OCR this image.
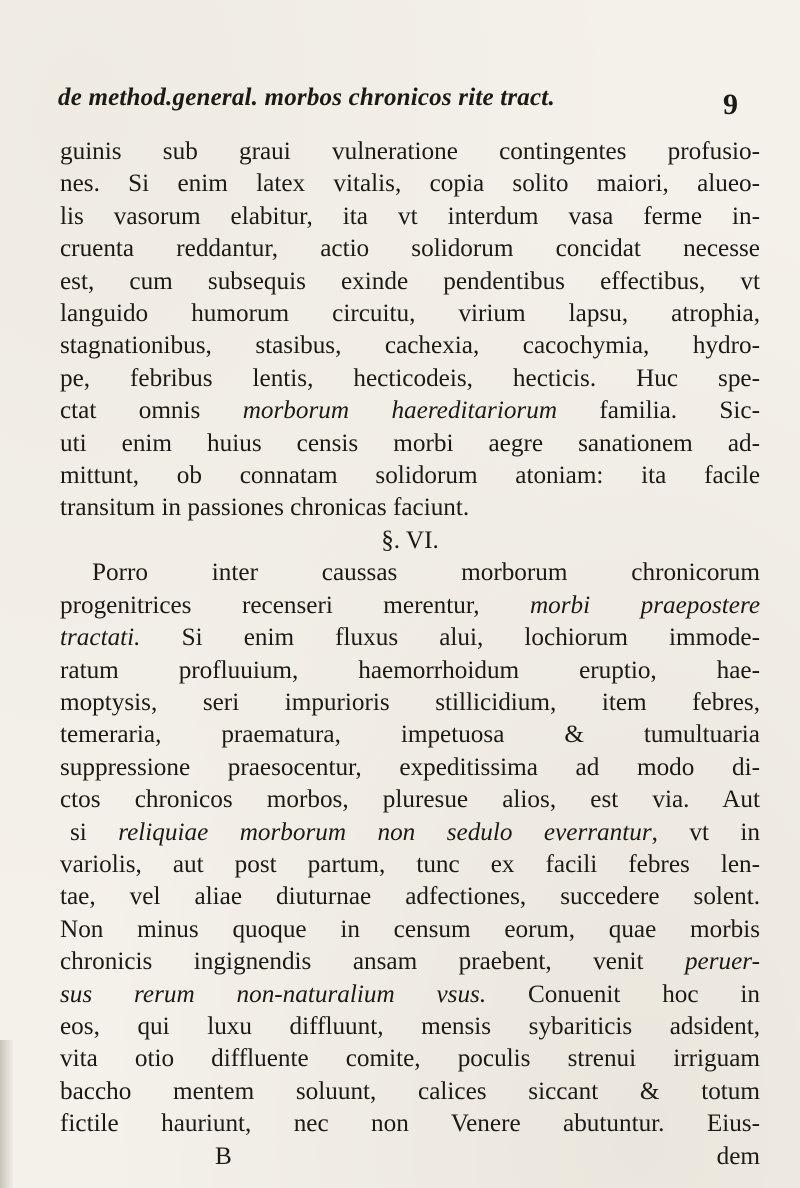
de method.general. morbos chronicos rite tract.	9
guinis sub graui vulneratione contingentes profusio-
nes. Si enim latex vitalis, copia solito maiori, alueo-
lis vasorum elabitur, ita vt interdum vasa ferme in-
cruenta reddantur, actio solidorum concidat necesse
est, cum subsequis exinde pendentibus effectibus, vt
languido humorum circuitu, virium lapsu, atrophia,
stagnationibus, stasibus, cachexia, cacochymia, hydro-
pe, febribus lentis, hecticodeis, hecticis. Huc spe-
ctat omnis morborum haereditariorum familia. Sic-
uti enim huius censis morbi aegre sanationem ad-
mittunt, ob connatam solidorum atoniam: ita facile
transitum in passiones chronicas faciunt.
§. VI.
Porro inter caussas morborum chronicorum
progenitrices recenseri merentur, morbi praepostere
tractati. Si enim fluxus alui, lochiorum immode-
ratum profluuium, haemorrhoidum eruptio, hae-
moptysis, seri impurioris stillicidium, item febres,
temeraria, praematura, impetuosa & tumultuaria
suppressione praesocentur, expeditissima ad modo di-
ctos chronicos morbos, pluresue alios, est via. Aut
si reliquiae morborum non sedulo everrantur, vt in
variolis, aut post partum, tunc ex facili febres len-
tae, vel aliae diuturnae adfectiones, succedere solent.
Non minus quoque in censum eorum, quae morbis
chronicis ingignendis ansam praebent, venit peruer-
sus rerum non-naturalium vsus. Conuenit hoc in
eos, qui luxu diffluunt, mensis sybariticis adsident,
vita otio diffluente comite, poculis strenui irriguam
baccho mentem soluunt, calices siccant & totum
fictile hauriunt, nec non Venere abutuntur. Eius-
B	dem
